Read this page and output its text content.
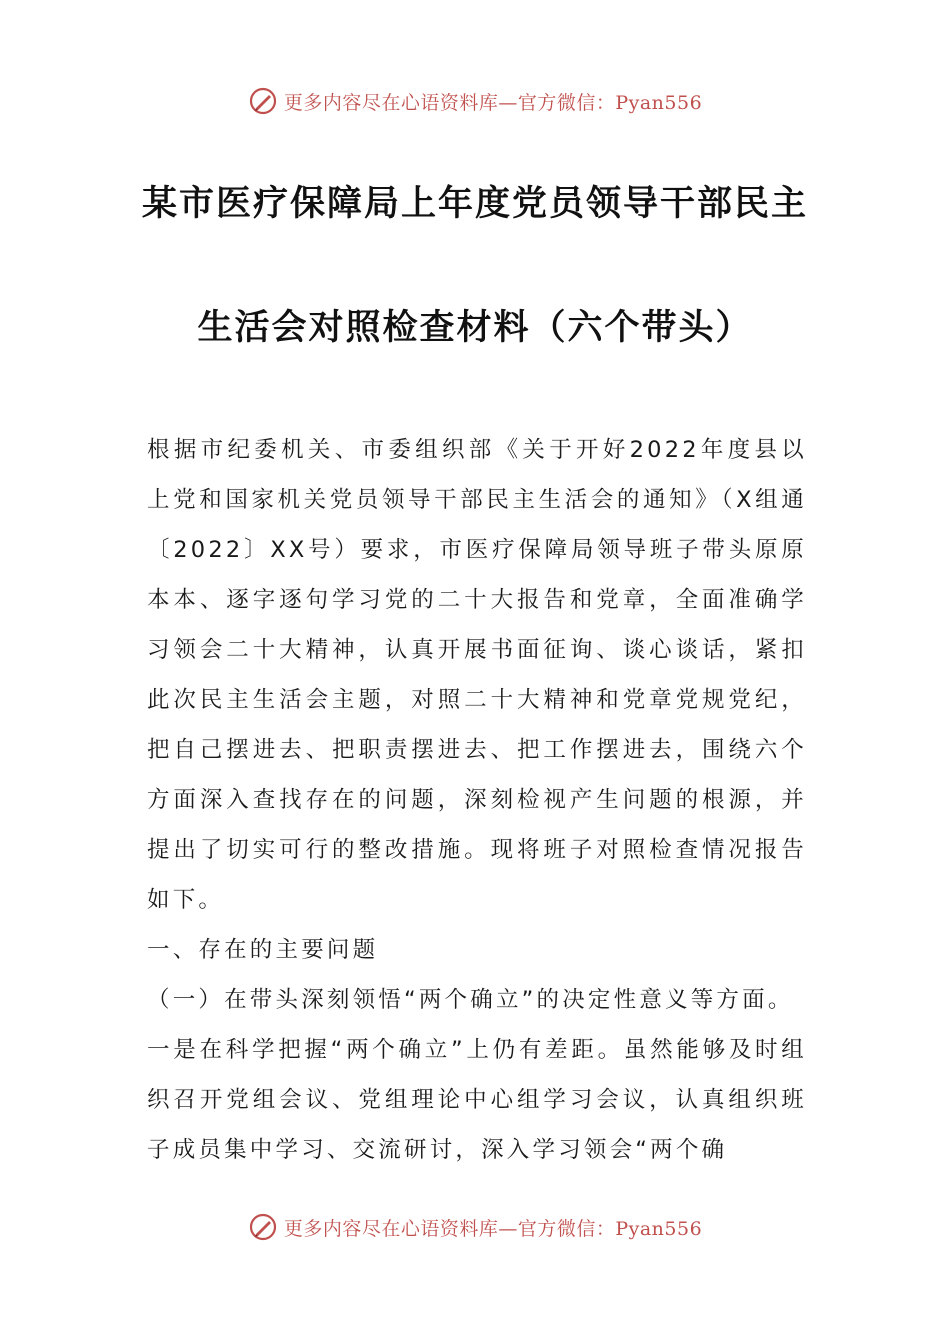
更多内容尽在心语资料库—官方微信：Pyan556
某市医疗保障局上年度党员领导干部民主
生活会对照检查材料（六个带头）

根据市纪委机关、市委组织部《关于开好2022年度县以上党和国家机关党员领导干部民主生活会的通知》（X组通〔2022〕XX号）要求，市医疗保障局领导班子带头原原本本、逐字逐句学习党的二十大报告和党章，全面准确学习领会二十大精神，认真开展书面征询、谈心谈话，紧扣此次民主生活会主题，对照二十大精神和党章党规党纪，把自己摆进去、把职责摆进去、把工作摆进去，围绕六个方面深入查找存在的问题，深刻检视产生问题的根源，并提出了切实可行的整改措施。现将班子对照检查情况报告如下。

一、存在的主要问题

（一）在带头深刻领悟“两个确立”的决定性意义等方面。

一是在科学把握“两个确立”上仍有差距。虽然能够及时组织召开党组会议、党组理论中心组学习会议，认真组织班子成员集中学习、交流研讨，深入学习领会“两个确

更多内容尽在心语资料库—官方微信：Pyan556
